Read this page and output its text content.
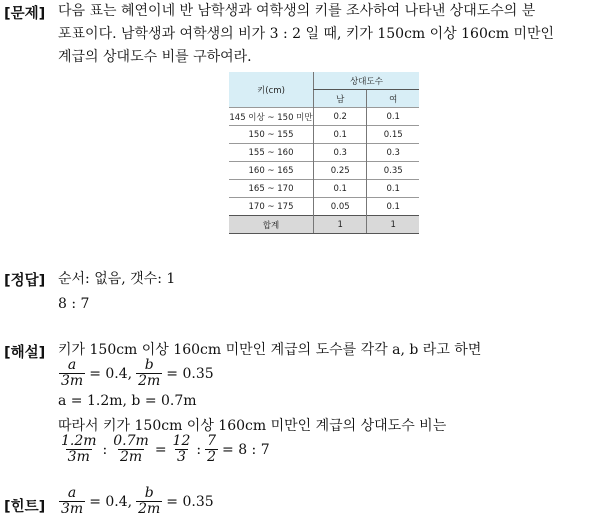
[문제] 다음 표는 혜연이네 반 남학생과 여학생의 키를 조사하여 나타낸 상대도수의 분
포표이다. 남학생과 여학생의 비가 3 : 2 일 때, 키가 150cm 이상 160cm 미만인
계급의 상대도수 비를 구하여라.
키(cm)	상대도수	
	남	여
145 이상 ~ 150 미만	0.2	0.1
150 ~ 155	0.1	0.15
155 ~ 160	0.3	0.3
160 ~ 165	0.25	0.35
165 ~ 170	0.1	0.1
170 ~ 175	0.05	0.1
합계	1	1
[정답] 순서: 없음, 갯수: 1
8 : 7
[해설] 키가 150cm 이상 160cm 미만인 계급의 도수를 각각 a, b 라고 하면
$\frac{a}{3m} = 0.4$, $\frac{b}{2m} = 0.35$
a = 1.2m, b = 0.7m
따라서 키가 150cm 이상 160cm 미만인 계급의 상대도수 비는
$\frac{1.2m}{3m}$ : $\frac{0.7m}{2m} = \frac{12}{3}$ : $\frac{7}{2} = 8$ : 7
[힌트] $\frac{a}{3m} = 0.4$, $\frac{b}{2m} = 0.35$
